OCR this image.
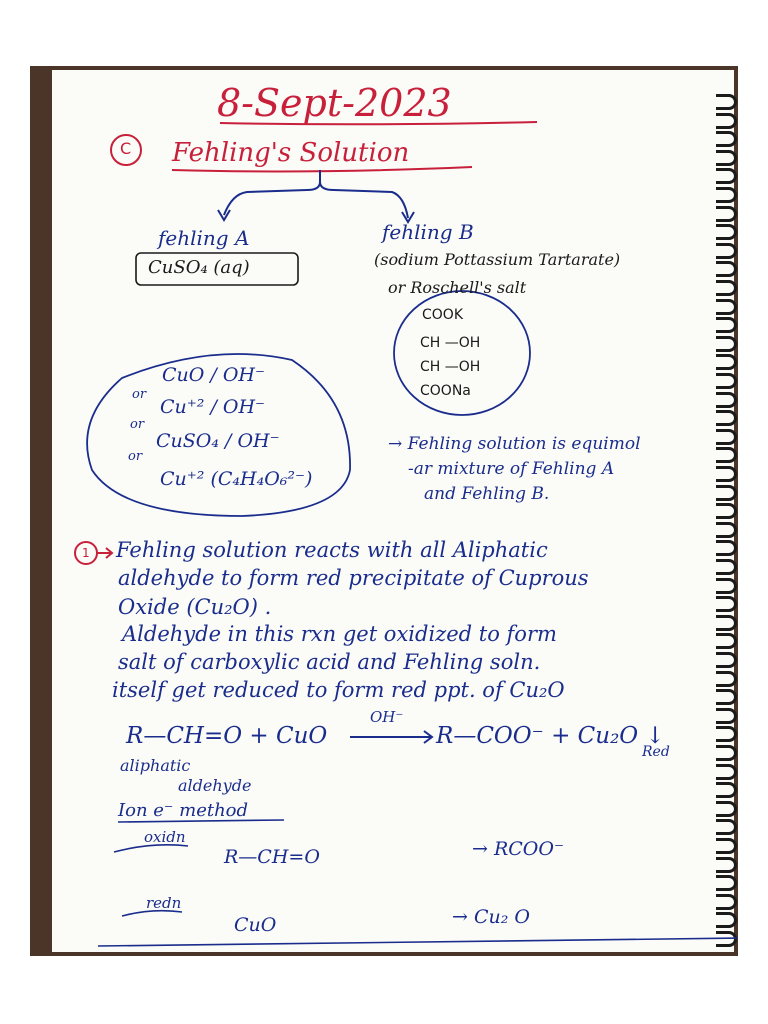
8-Sept-2023
C Fehling's Solution
fehling A
CuSO₄ (aq)
fehling B
(sodium Pottassium Tartarate)
or Roschell's salt
COOK
CH —OH
CH —OH
COONa
CuO / OH⁻
or
Cu⁺² / OH⁻
or
CuSO₄ / OH⁻
or
Cu⁺² (C₄H₄O₆²⁻)
→ Fehling solution is equimol
-ar mixture of Fehling A
and Fehling B.
1 Fehling solution reacts with all Aliphatic
aldehyde to form red precipitate of Cuprous
Oxide (Cu₂O) .
Aldehyde in this rxn get oxidized to form
salt of carboxylic acid and Fehling soln.
itself get reduced to form red ppt. of Cu₂O
R—CH=O + CuO
OH⁻
R—COO⁻ + Cu₂O ↓
Red
aliphatic
aldehyde
Ion e⁻ method
oxidn
R—CH=O	→ RCOO⁻
redn
CuO	→ Cu₂ O
